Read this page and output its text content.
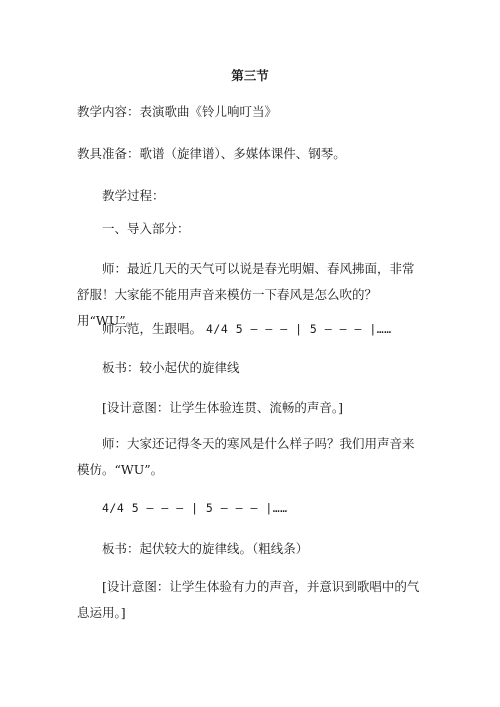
第三节
教学内容：表演歌曲《铃儿响叮当》
教具准备：歌谱（旋律谱）、多媒体课件、钢琴。
教学过程：
一、导入部分：
师：最近几天的天气可以说是春光明媚、春风拂面，非常舒服！大家能不能用声音来模仿一下春风是怎么吹的？用“WU”。
师示范，生跟唱。 4/4 5 — — — | 5 — — — |……
板书：较小起伏的旋律线
[设计意图：让学生体验连贯、流畅的声音。]
师：大家还记得冬天的寒风是什么样子吗？我们用声音来模仿。“WU”。
4/4 5 — — — | 5 — — — |……
板书：起伏较大的旋律线。（粗线条）
[设计意图：让学生体验有力的声音，并意识到歌唱中的气息运用。]
